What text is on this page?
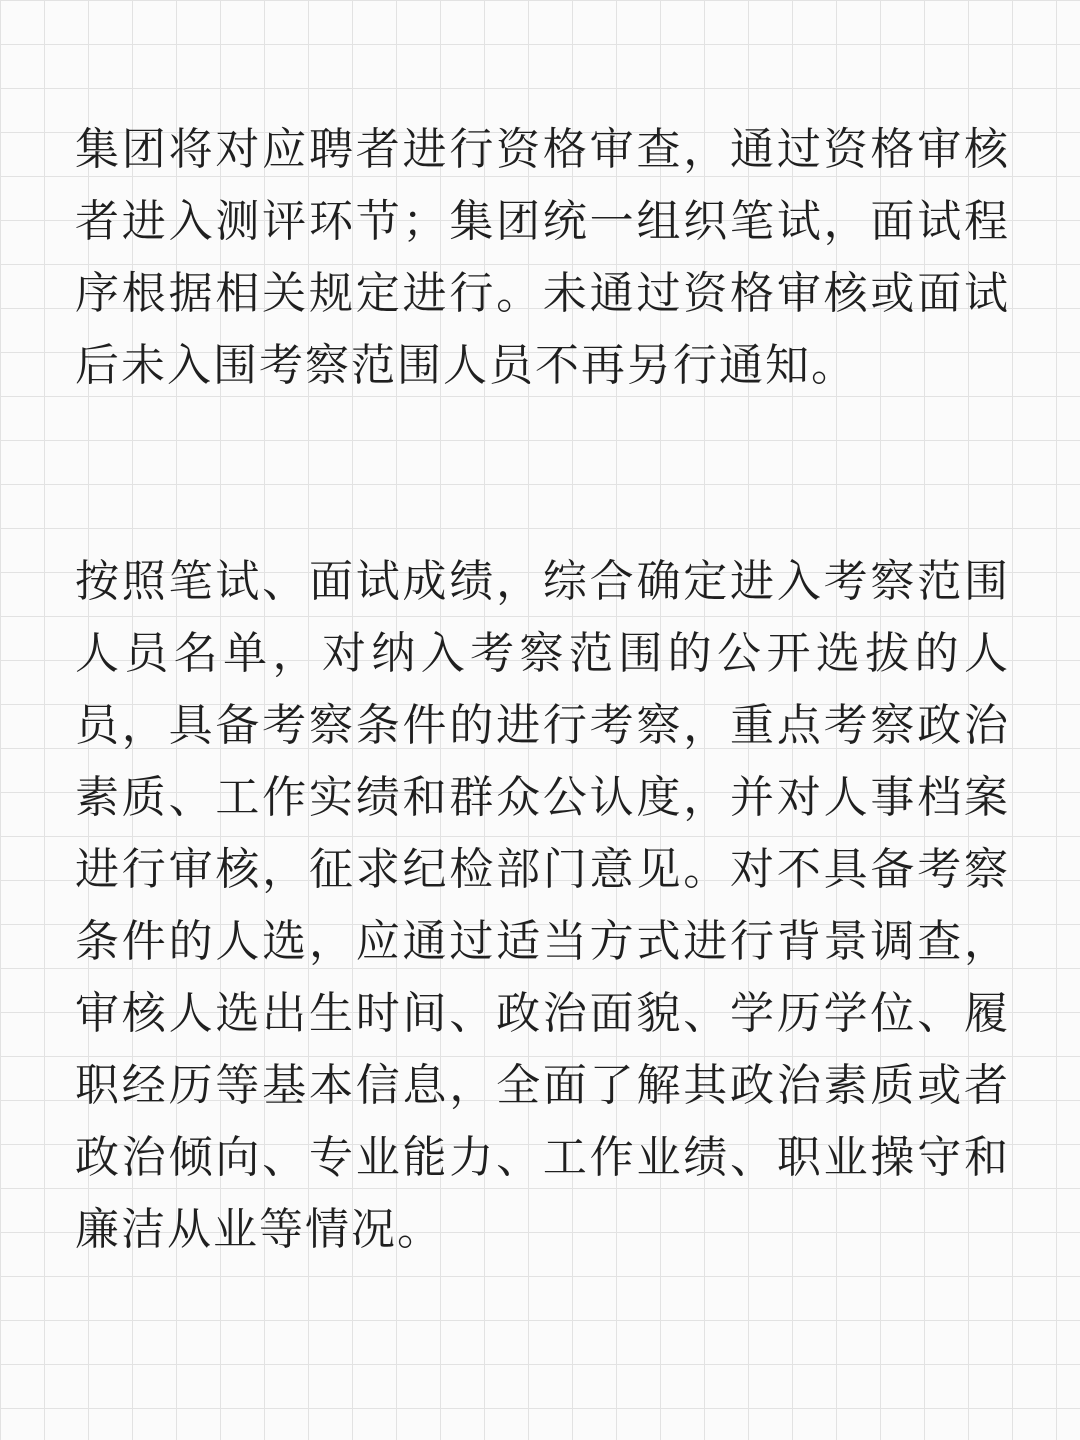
集团将对应聘者进行资格审查，通过资格审核者进入测评环节；集团统一组织笔试，面试程序根据相关规定进行。未通过资格审核或面试后未入围考察范围人员不再另行通知。

按照笔试、面试成绩，综合确定进入考察范围人员名单，对纳入考察范围的公开选拔的人员，具备考察条件的进行考察，重点考察政治素质、工作实绩和群众公认度，并对人事档案进行审核，征求纪检部门意见。对不具备考察条件的人选，应通过适当方式进行背景调查，审核人选出生时间、政治面貌、学历学位、履职经历等基本信息，全面了解其政治素质或者政治倾向、专业能力、工作业绩、职业操守和廉洁从业等情况。
